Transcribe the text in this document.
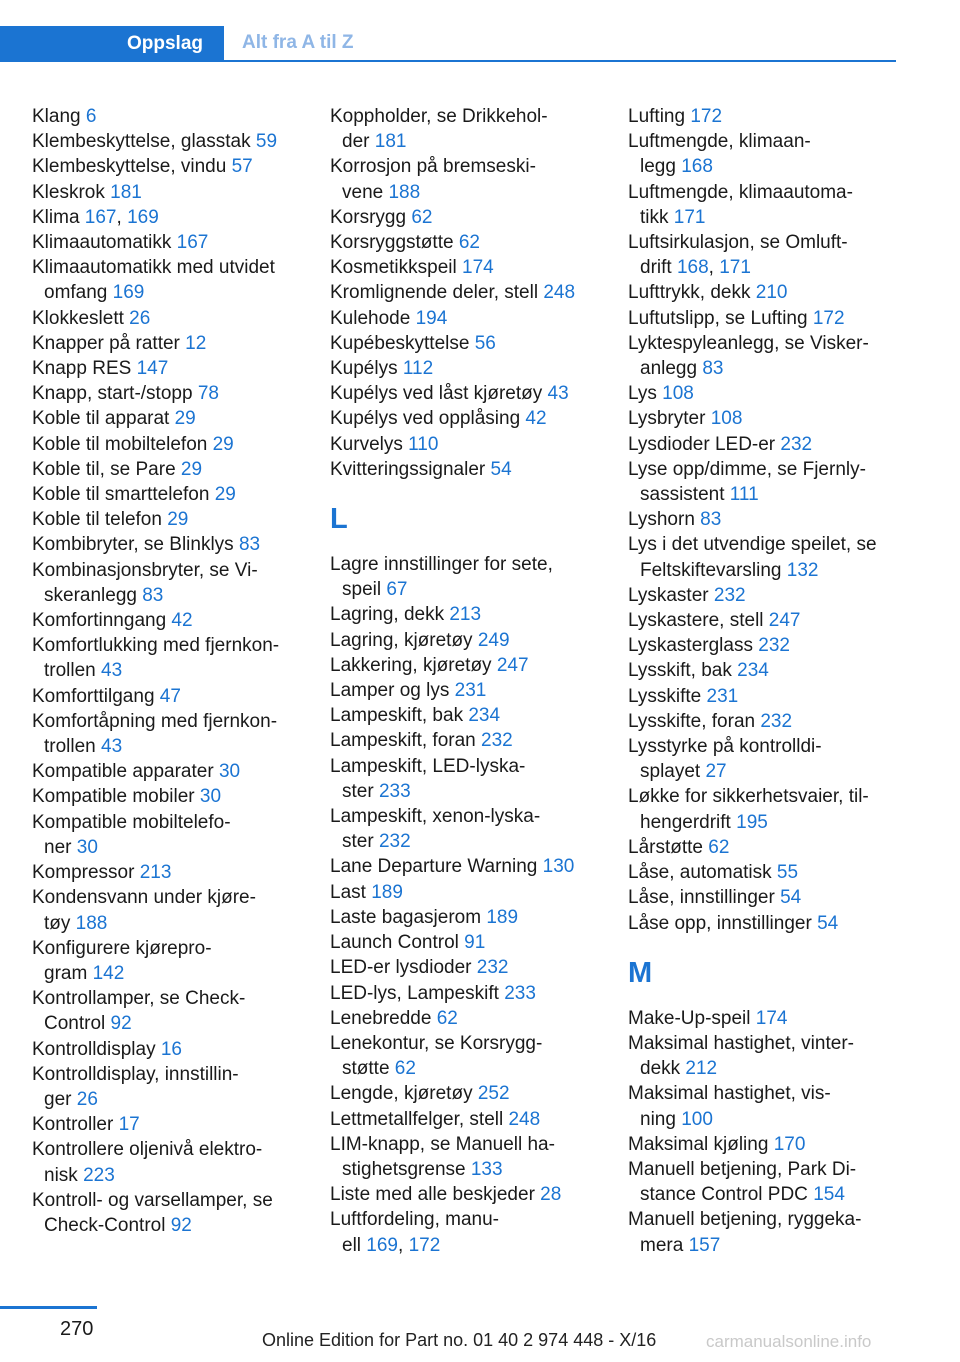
Oppslag	Alt fra A til Z
Klang 6
Klembeskyttelse, glasstak 59
Klembeskyttelse, vindu 57
Kleskrok 181
Klima 167, 169
Klimaautomatikk 167
Klimaautomatikk med utvidet
omfang 169
Klokkeslett 26
Knapper på ratter 12
Knapp RES 147
Knapp, start-/stopp 78
Koble til apparat 29
Koble til mobiltelefon 29
Koble til, se Pare 29
Koble til smarttelefon 29
Koble til telefon 29
Kombibryter, se Blinklys 83
Kombinasjonsbryter, se Vi‐
skeranlegg 83
Komfortinngang 42
Komfortlukking med fjernkon‐
trollen 43
Komforttilgang 47
Komfortåpning med fjernkon‐
trollen 43
Kompatible apparater 30
Kompatible mobiler 30
Kompatible mobiltelefo‐
ner 30
Kompressor 213
Kondensvann under kjøre‐
tøy 188
Konfigurere kjørepro‐
gram 142
Kontrollamper, se Check-
Control 92
Kontrolldisplay 16
Kontrolldisplay, innstillin‐
ger 26
Kontroller 17
Kontrollere oljenivå elektro‐
nisk 223
Kontroll- og varsellamper, se
Check-Control 92
Koppholder, se Drikkehol‐
der 181
Korrosjon på bremseski‐
vene 188
Korsrygg 62
Korsryggstøtte 62
Kosmetikkspeil 174
Kromlignende deler, stell 248
Kulehode 194
Kupébeskyttelse 56
Kupélys 112
Kupélys ved låst kjøretøy 43
Kupélys ved opplåsing 42
Kurvelys 110
Kvitteringssignaler 54
L
Lagre innstillinger for sete,
speil 67
Lagring, dekk 213
Lagring, kjøretøy 249
Lakkering, kjøretøy 247
Lamper og lys 231
Lampeskift, bak 234
Lampeskift, foran 232
Lampeskift, LED-lyska‐
ster 233
Lampeskift, xenon-lyska‐
ster 232
Lane Departure Warning 130
Last 189
Laste bagasjerom 189
Launch Control 91
LED-er lysdioder 232
LED-lys, Lampeskift 233
Lenebredde 62
Lenekontur, se Korsrygg‐
støtte 62
Lengde, kjøretøy 252
Lettmetallfelger, stell 248
LIM-knapp, se Manuell ha‐
stighetsgrense 133
Liste med alle beskjeder 28
Luftfordeling, manu‐
ell 169, 172
Lufting 172
Luftmengde, klimaan‐
legg 168
Luftmengde, klimaautoma‐
tikk 171
Luftsirkulasjon, se Omluft‐
drift 168, 171
Lufttrykk, dekk 210
Luftutslipp, se Lufting 172
Lyktespyleanlegg, se Visker‐
anlegg 83
Lys 108
Lysbryter 108
Lysdioder LED-er 232
Lyse opp/dimme, se Fjernly‐
sassistent 111
Lyshorn 83
Lys i det utvendige speilet, se
Feltskiftevarsling 132
Lyskaster 232
Lyskastere, stell 247
Lyskasterglass 232
Lysskift, bak 234
Lysskifte 231
Lysskifte, foran 232
Lysstyrke på kontrolldi‐
splayet 27
Løkke for sikkerhetsvaier, til‐
hengerdrift 195
Lårstøtte 62
Låse, automatisk 55
Låse, innstillinger 54
Låse opp, innstillinger 54
M
Make-Up-speil 174
Maksimal hastighet, vinter‐
dekk 212
Maksimal hastighet, vis‐
ning 100
Maksimal kjøling 170
Manuell betjening, Park Di‐
stance Control PDC 154
Manuell betjening, ryggeka‐
mera 157
270	Online Edition for Part no. 01 40 2 974 448 - X/16	carmanualsonline.info
